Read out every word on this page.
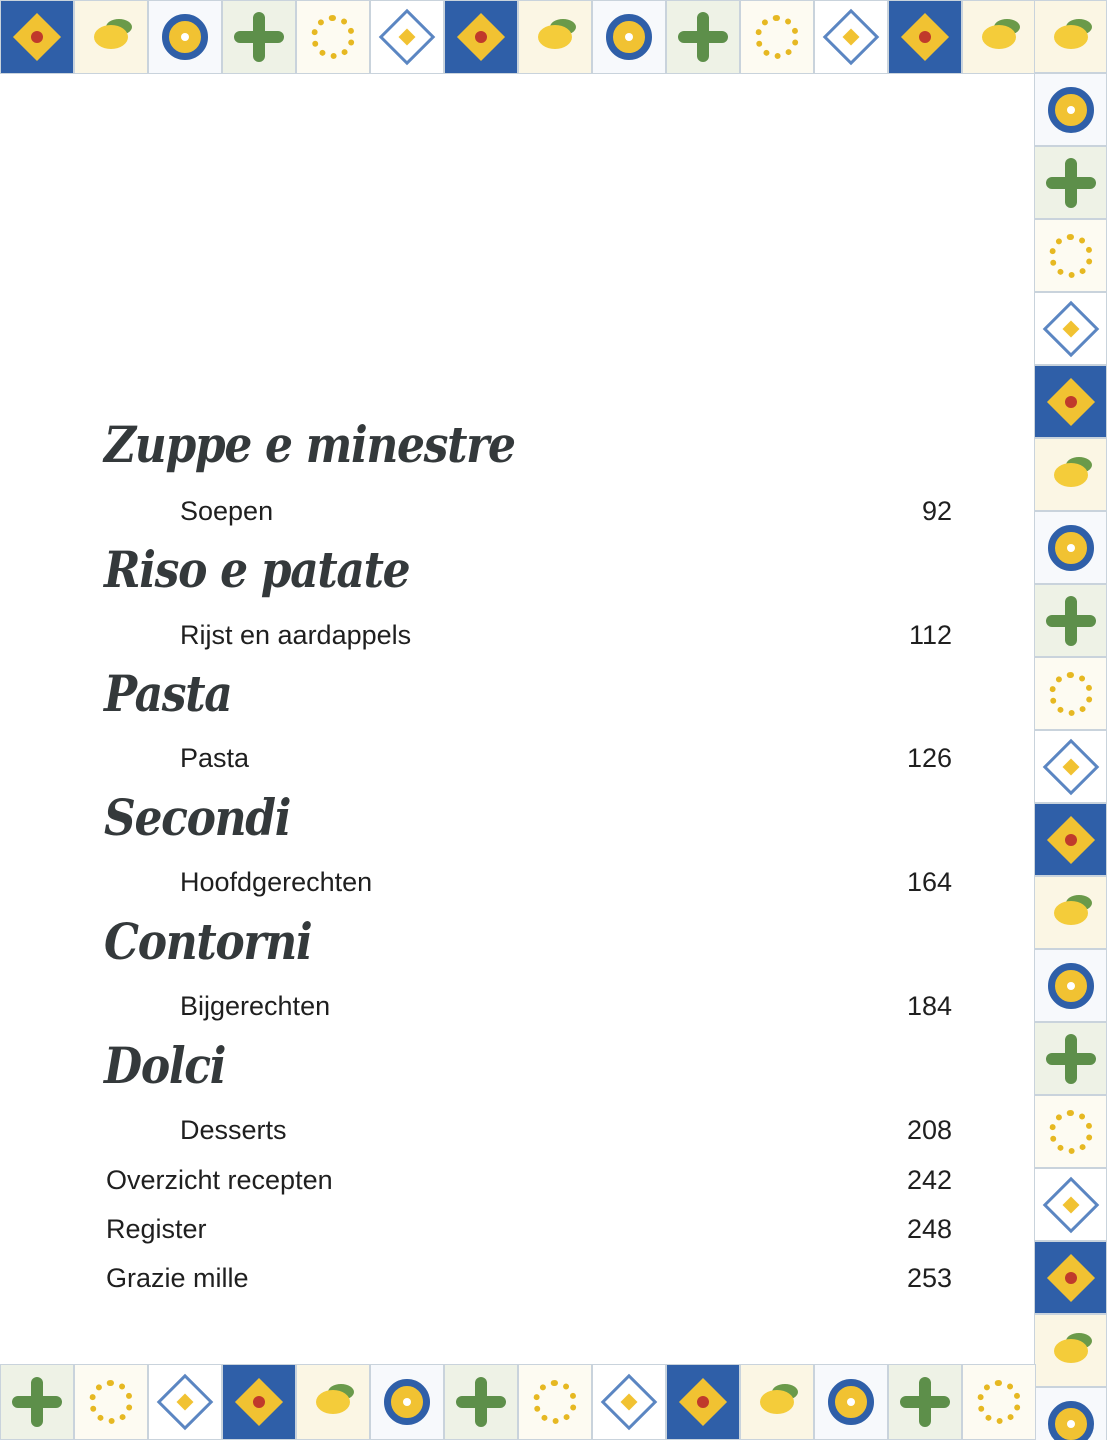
Zuppe e minestre
Soepen	92
Riso e patate
Rijst en aardappels	112
Pasta
Pasta	126
Secondi
Hoofdgerechten	164
Contorni
Bijgerechten	184
Dolci
Desserts	208
Overzicht recepten	242
Register	248
Grazie mille	253
